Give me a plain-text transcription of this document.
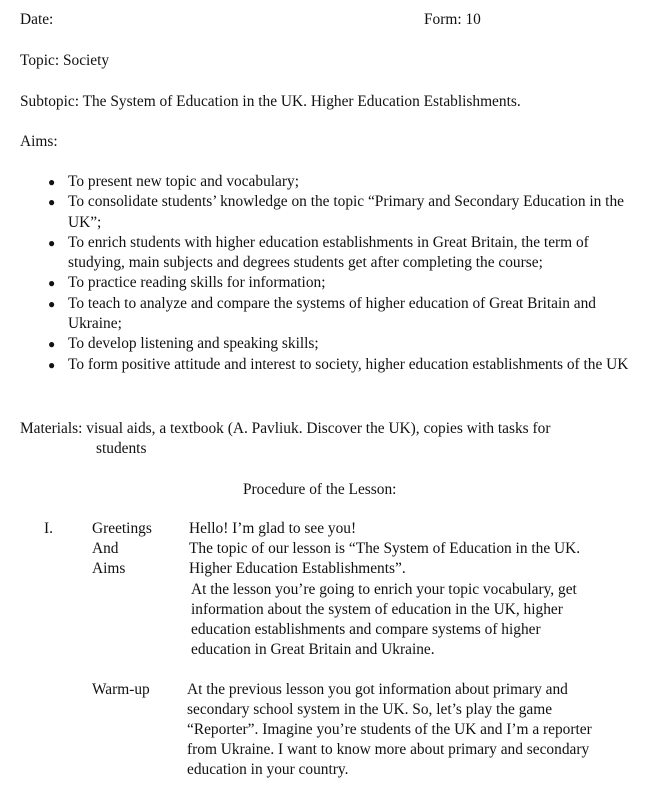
Date:	Form: 10
Topic: Society
Subtopic: The System of Education in the UK. Higher Education Establishments.
Aims:
● To present new topic and vocabulary;
● To consolidate students’ knowledge on the topic “Primary and Secondary Education in the UK”;
● To enrich students with higher education establishments in Great Britain, the term of studying, main subjects and degrees students get after completing the course;
● To practice reading skills for information;
● To teach to analyze and compare the systems of higher education of Great Britain and Ukraine;
● To develop listening and speaking skills;
● To form positive attitude and interest to society, higher education establishments of the UK
Materials: visual aids, a textbook (A. Pavliuk. Discover the UK), copies with tasks for
students
Procedure of the Lesson:
I.	Greetings
And
Aims
Hello! I’m glad to see you!
The topic of our lesson is “The System of Education in the UK.
Higher Education Establishments”.
At the lesson you’re going to enrich your topic vocabulary, get
information about the system of education in the UK, higher
education establishments and compare systems of higher
education in Great Britain and Ukraine.
Warm-up At the previous lesson you got information about primary and
secondary school system in the UK. So, let’s play the game
“Reporter”. Imagine you’re students of the UK and I’m a reporter
from Ukraine. I want to know more about primary and secondary
education in your country.
